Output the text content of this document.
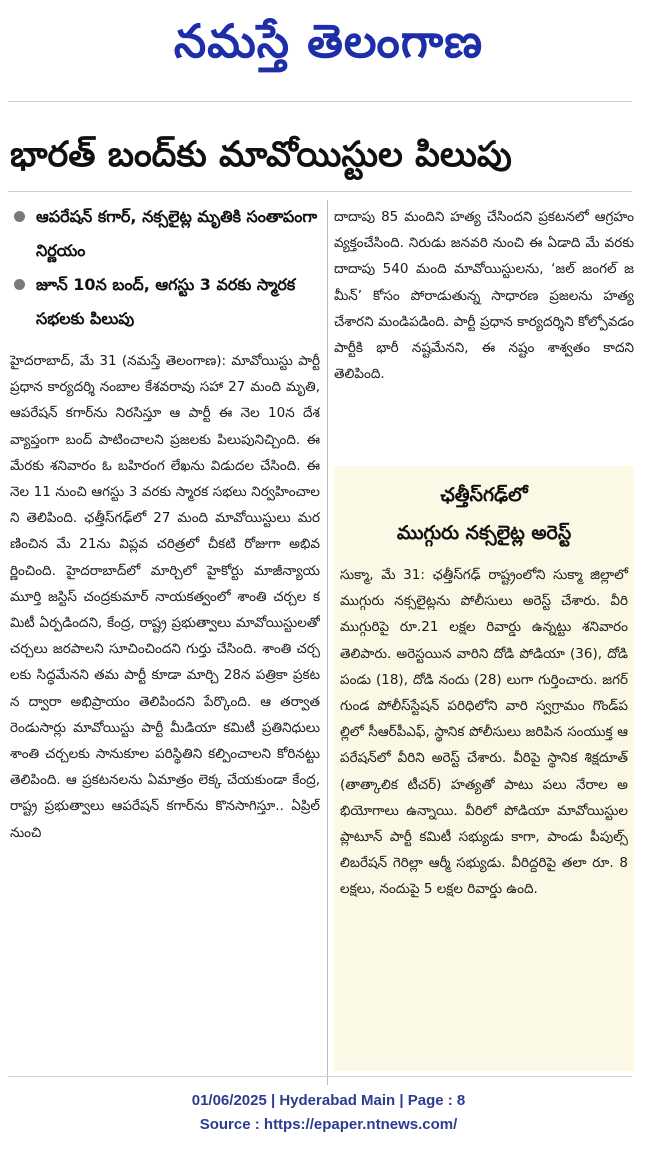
నమస్తే తెలంగాణ
భారత్ బంద్‌కు మావోయిస్టుల పిలుపు
ఆపరేషన్ కగార్, నక్సలైట్ల మృతికి సంతాపంగా నిర్ణయం
జూన్ 10న బంద్, ఆగస్టు 3 వరకు స్మారక సభలకు పిలుపు

హైదరాబాద్, మే 31 (నమస్తే తెలంగాణ): మావోయిస్టు పార్టీ ప్రధాన కార్యదర్శి నంబాల కేశవరావు సహా 27 మంది మృతి, ఆపరేషన్ కగార్‌ను నిరసిస్తూ ఆ పార్టీ ఈ నెల 10న దేశవ్యాప్తంగా బంద్ పాటించాలని ప్రజలకు పిలుపునిచ్చింది. ఈ మేరకు శనివారం ఓ బహిరంగ లేఖను విడుదల చేసింది. ఈ నెల 11 నుంచి ఆగస్టు 3 వరకు స్మారక సభలు నిర్వహించాలని తెలిపింది. ఛత్తీస్‌గఢ్‌లో 27 మంది మావోయిస్టులు మరణించిన మే 21ను విప్లవ చరిత్రలో చీకటి రోజుగా అభివర్ణించింది. హైదరాబాద్‌లో మార్చిలో హైకోర్టు మాజీన్యాయమూర్తి జస్టిస్ చంద్రకుమార్ నాయకత్వంలో శాంతి చర్చల కమిటీ ఏర్పడిందని, కేంద్ర, రాష్ట్ర ప్రభుత్వాలు మావోయిస్టులతో చర్చలు జరపాలని సూచించిందని గుర్తు చేసింది. శాంతి చర్చలకు సిద్ధమేనని తమ పార్టీ కూడా మార్చి 28న పత్రికా ప్రకటన ద్వారా అభిప్రాయం తెలిపిందని పేర్కొంది. ఆ తర్వాత రెండుసార్లు మావోయిస్టు పార్టీ మీడియా కమిటీ ప్రతినిధులు శాంతి చర్చలకు సానుకూల పరిస్థితిని కల్పించాలని కోరినట్టు తెలిపింది. ఆ ప్రకటనలను ఏమాత్రం లెక్క చేయకుండా కేంద్ర, రాష్ట్ర ప్రభుత్వాలు ఆపరేషన్ కగార్‌ను కొనసాగిస్తూ.. ఏప్రిల్ నుంచి

దాదాపు 85 మందిని హత్య చేసిందని ప్రకటనలో ఆగ్రహం వ్యక్తంచేసింది. నిరుడు జనవరి నుంచి ఈ ఏడాది మే వరకు దాదాపు 540 మంది మావోయిస్టులను, ‘జల్ జంగల్ జమీన్’ కోసం పోరాడుతున్న సాధారణ ప్రజలను హత్య చేశారని మండిపడింది. పార్టీ ప్రధాన కార్యదర్శిని కోల్పోవడం పార్టీకి భారీ నష్టమేనని, ఈ నష్టం శాశ్వతం కాదని తెలిపింది.

ఛత్తీస్‌గఢ్‌లో
ముగ్గురు నక్సలైట్ల అరెస్ట్

సుక్మా, మే 31: ఛత్తీస్‌గఢ్ రాష్ట్రంలోని సుక్మా జిల్లాలో ముగ్గురు నక్సలైట్లను పోలీసులు అరెస్ట్ చేశారు. వీరి ముగ్గురిపై రూ.21 లక్షల రివార్డు ఉన్నట్టు శనివారం తెలిపారు. అరెస్టయిన వారిని దోడి పోడియా (36), దోడి పండు (18), దోడి నందు (28) లుగా గుర్తించారు. జగర్ గుండ పోలీస్‌స్టేషన్ పరిధిలోని వారి స్వగ్రామం గొండ్‌పల్లిలో సీఆర్‌పీఎఫ్, స్థానిక పోలీసులు జరిపిన సంయుక్త ఆపరేషన్‌లో వీరిని అరెస్ట్ చేశారు. వీరిపై స్థానిక శిక్షదూత్ (తాత్కాలిక టీచర్) హత్యతో పాటు పలు నేరాల అభియోగాలు ఉన్నాయి. వీరిలో పోడియా మావోయిస్టుల ప్లాటూన్ పార్టీ కమిటీ సభ్యుడు కాగా, పాండు పీపుల్స్ లిబరేషన్ గెరిల్లా ఆర్మీ సభ్యుడు. వీరిద్దరిపై తలా రూ. 8 లక్షలు, నందుపై 5 లక్షల రివార్డు ఉంది.

01/06/2025 | Hyderabad Main | Page : 8
Source : https://epaper.ntnews.com/
